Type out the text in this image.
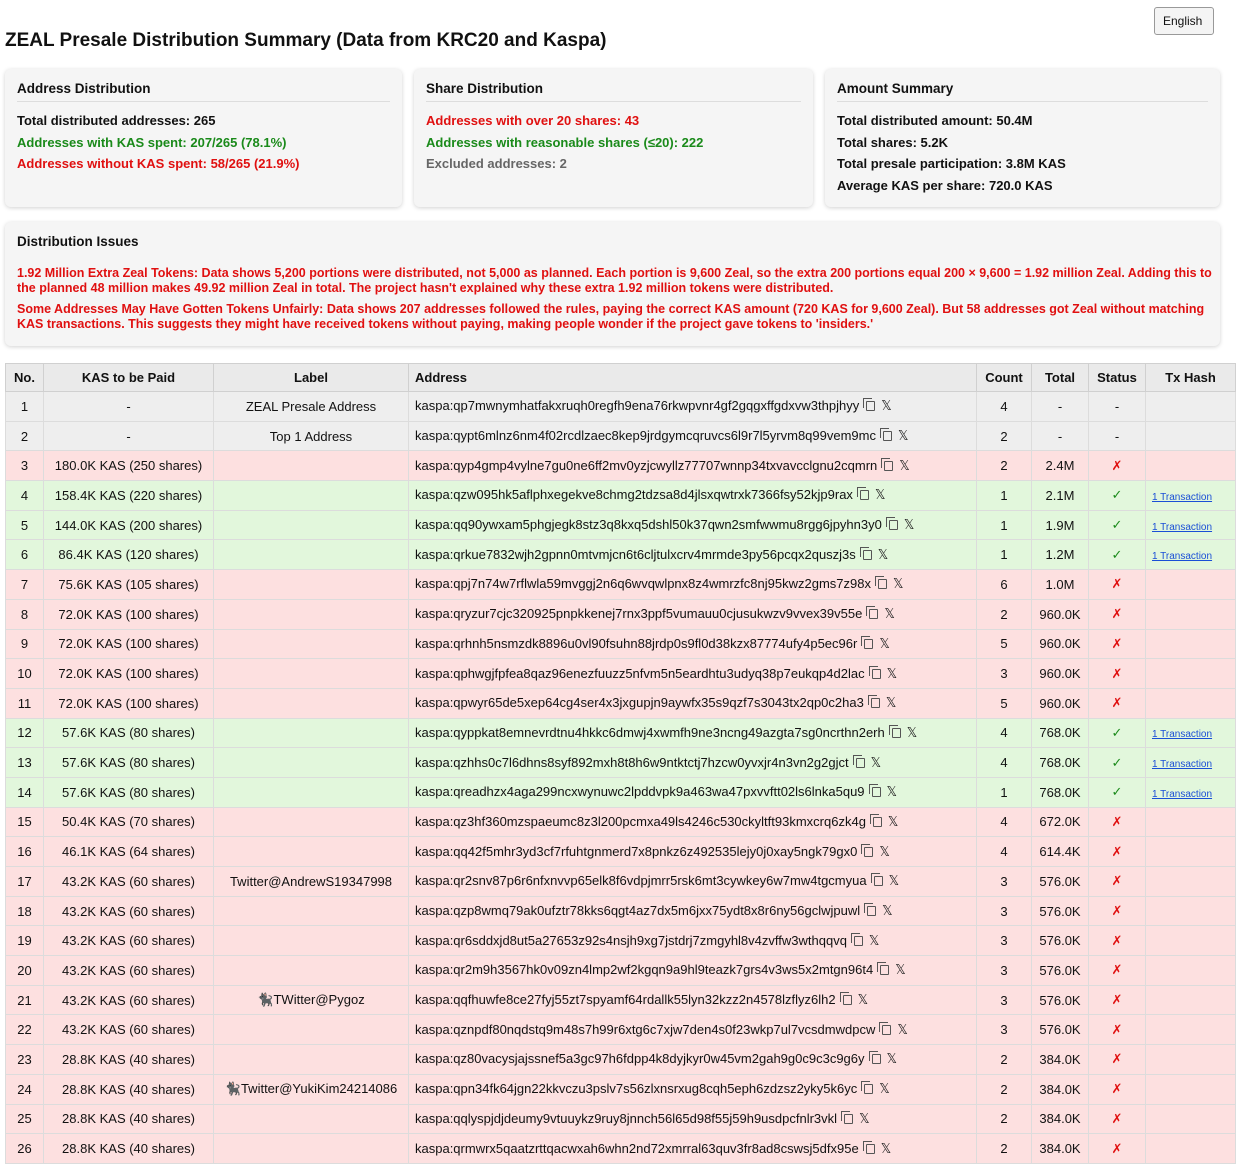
English
ZEAL Presale Distribution Summary (Data from KRC20 and Kaspa)
Address Distribution
Total distributed addresses: 265
Addresses with KAS spent: 207/265 (78.1%)
Addresses without KAS spent: 58/265 (21.9%)
Share Distribution
Addresses with over 20 shares: 43
Addresses with reasonable shares (≤20): 222
Excluded addresses: 2
Amount Summary
Total distributed amount: 50.4M
Total shares: 5.2K
Total presale participation: 3.8M KAS
Average KAS per share: 720.0 KAS
Distribution Issues

1.92 Million Extra Zeal Tokens: Data shows 5,200 portions were distributed, not 5,000 as planned. Each portion is 9,600 Zeal, so the extra 200 portions equal 200 × 9,600 = 1.92 million Zeal. Adding this to the planned 48 million makes 49.92 million Zeal in total. The project hasn't explained why these extra 1.92 million tokens were distributed.

Some Addresses May Have Gotten Tokens Unfairly: Data shows 207 addresses followed the rules, paying the correct KAS amount (720 KAS for 9,600 Zeal). But 58 addresses got Zeal without matching KAS transactions. This suggests they might have received tokens without paying, making people wonder if the project gave tokens to 'insiders.'

No.	KAS to be Paid	Label	Address	Count	Total	Status	Tx Hash
1	-	ZEAL Presale Address	kaspa:qp7mwnymhatfakxruqh0regfh9ena76rkwpvnr4gf2gqgxffgdxvw3thpjhyy 𝕏	4	-	-	
2	-	Top 1 Address	kaspa:qypt6mlnz6nm4f02rcdlzaec8kep9jrdgymcqruvcs6l9r7l5yrvm8q99vem9mc 𝕏	2	-	-	
3	180.0K KAS (250 shares)		kaspa:qyp4gmp4vylne7gu0ne6ff2mv0yzjcwyllz77707wnnp34txvavcclgnu2cqmrn 𝕏	2	2.4M	✗	
4	158.4K KAS (220 shares)		kaspa:qzw095hk5aflphxegekve8chmg2tdzsa8d4jlsxqwtrxk7366fsy52kjp9rax 𝕏	1	2.1M	✓	1 Transaction
5	144.0K KAS (200 shares)		kaspa:qq90ywxam5phgjegk8stz3q8kxq5dshl50k37qwn2smfwwmu8rgg6jpyhn3y0 𝕏	1	1.9M	✓	1 Transaction
6	86.4K KAS (120 shares)		kaspa:qrkue7832wjh2gpnn0mtvmjcn6t6cljtulxcrv4mrmde3py56pcqx2quszj3s 𝕏	1	1.2M	✓	1 Transaction
7	75.6K KAS (105 shares)		kaspa:qpj7n74w7rflwla59mvggj2n6q6wvqwlpnx8z4wmrzfc8nj95kwz2gms7z98x 𝕏	6	1.0M	✗	
8	72.0K KAS (100 shares)		kaspa:qryzur7cjc320925pnpkkenej7rnx3ppf5vumauu0cjusukwzv9vvex39v55e 𝕏	2	960.0K	✗	
9	72.0K KAS (100 shares)		kaspa:qrhnh5nsmzdk8896u0vl90fsuhn88jrdp0s9fl0d38kzx87774ufy4p5ec96r 𝕏	5	960.0K	✗	
10	72.0K KAS (100 shares)		kaspa:qphwgjfpfea8qaz96enezfuuzz5nfvm5n5eardhtu3udyq38p7eukqp4d2lac 𝕏	3	960.0K	✗	
11	72.0K KAS (100 shares)		kaspa:qpwyr65de5xep64cg4ser4x3jxgupjn9aywfx35s9qzf7s3043tx2qp0c2ha3 𝕏	5	960.0K	✗	
12	57.6K KAS (80 shares)		kaspa:qyppkat8emnevrdtnu4hkkc6dmwj4xwmfh9ne3ncng49azgta7sg0ncrthn2erh 𝕏	4	768.0K	✓	1 Transaction
13	57.6K KAS (80 shares)		kaspa:qzhhs0c7l6dhns8syf892mxh8t8h6w9ntktctj7hzcw0yvxjr4n3vn2g2gjct 𝕏	4	768.0K	✓	1 Transaction
14	57.6K KAS (80 shares)		kaspa:qreadhzx4aga299ncxwynuwc2lpddvpk9a463wa47pxvvftt02ls6lnka5qu9 𝕏	1	768.0K	✓	1 Transaction
15	50.4K KAS (70 shares)		kaspa:qz3hf360mzspaeumc8z3l200pcmxa49ls4246c530ckyltft93kmxcrq6zk4g 𝕏	4	672.0K	✗	
16	46.1K KAS (64 shares)		kaspa:qq42f5mhr3yd3cf7rfuhtgnmerd7x8pnkz6z492535lejy0j0xay5ngk79gx0 𝕏	4	614.4K	✗	
17	43.2K KAS (60 shares)	Twitter@AndrewS19347998	kaspa:qr2snv87p6r6nfxnvvp65elk8f6vdpjmrr5rsk6mt3cywkey6w7mw4tgcmyua 𝕏	3	576.0K	✗	
18	43.2K KAS (60 shares)		kaspa:qzp8wmq79ak0ufztr78kks6qgt4az7dx5m6jxx75ydt8x8r6ny56gclwjpuwl 𝕏	3	576.0K	✗	
19	43.2K KAS (60 shares)		kaspa:qr6sddxjd8ut5a27653z92s4nsjh9xg7jstdrj7zmgyhl8v4zvffw3wthqqvq 𝕏	3	576.0K	✗	
20	43.2K KAS (60 shares)		kaspa:qr2m9h3567hk0v09zn4lmp2wf2kgqn9a9hl9teazk7grs4v3ws5x2mtgn96t4 𝕏	3	576.0K	✗	
21	43.2K KAS (60 shares)	🐈‍⬛TWitter@Pygoz	kaspa:qqfhuwfe8ce27fyj55zt7spyamf64rdallk55lyn32kzz2n4578lzflyz6lh2 𝕏	3	576.0K	✗	
22	43.2K KAS (60 shares)		kaspa:qznpdf80nqdstq9m48s7h99r6xtg6c7xjw7den4s0f23wkp7ul7vcsdmwdpcw 𝕏	3	576.0K	✗	
23	28.8K KAS (40 shares)		kaspa:qz80vacysjajssnef5a3gc97h6fdpp4k8dyjkyr0w45vm2gah9g0c9c3c9g6y 𝕏	2	384.0K	✗	
24	28.8K KAS (40 shares)	🐈‍⬛Twitter@YukiKim24214086	kaspa:qpn34fk64jgn22kkvczu3pslv7s56zlxnsrxug8cqh5eph6zdzsz2yky5k6yc 𝕏	2	384.0K	✗	
25	28.8K KAS (40 shares)		kaspa:qqlyspjdjdeumy9vtuuykz9ruy8jnnch56l65d98f55j59h9usdpcfnlr3vkl 𝕏	2	384.0K	✗	
26	28.8K KAS (40 shares)		kaspa:qrmwrx5qaatzrttqacwxah6whn2nd72xmrral63quv3fr8ad8cswsj5dfx95e 𝕏	2	384.0K	✗	
